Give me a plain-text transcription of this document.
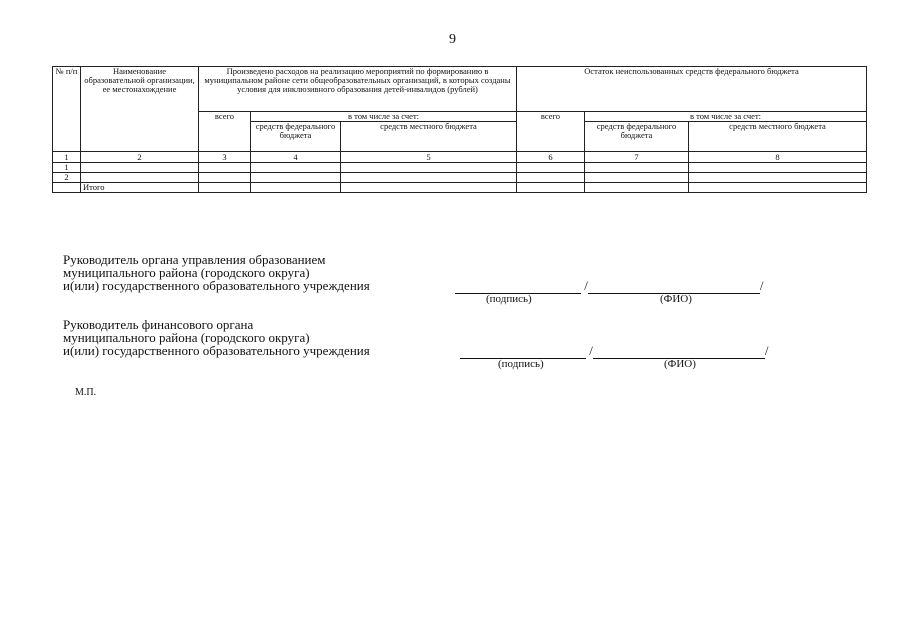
9
№ п/п	Наименование образовательной организации, ее местонахождение	Произведено расходов на реализацию мероприятий по формированию в муниципальном районе сети общеобразовательных организаций, в которых созданы условия для инклюзивного образования детей-инвалидов (рублей)			Остаток неиспользованных средств федерального бюджета		
		всего	в том числе за счет:		всего	в том числе за счет:	
			средств федерального бюджета	средств местного бюджета		средств федерального бюджета	средств местного бюджета
1	2	3	4	5	6	7	8
1							
2							
	Итого						
Руководитель органа управления образованием
муниципального района (городского округа)
и(или) государственного образовательного учреждения	/	/
(подпись)	(ФИО)
Руководитель финансового органа
муниципального района (городского округа)
и(или) государственного образовательного учреждения	/	/
(подпись)	(ФИО)
М.П.
